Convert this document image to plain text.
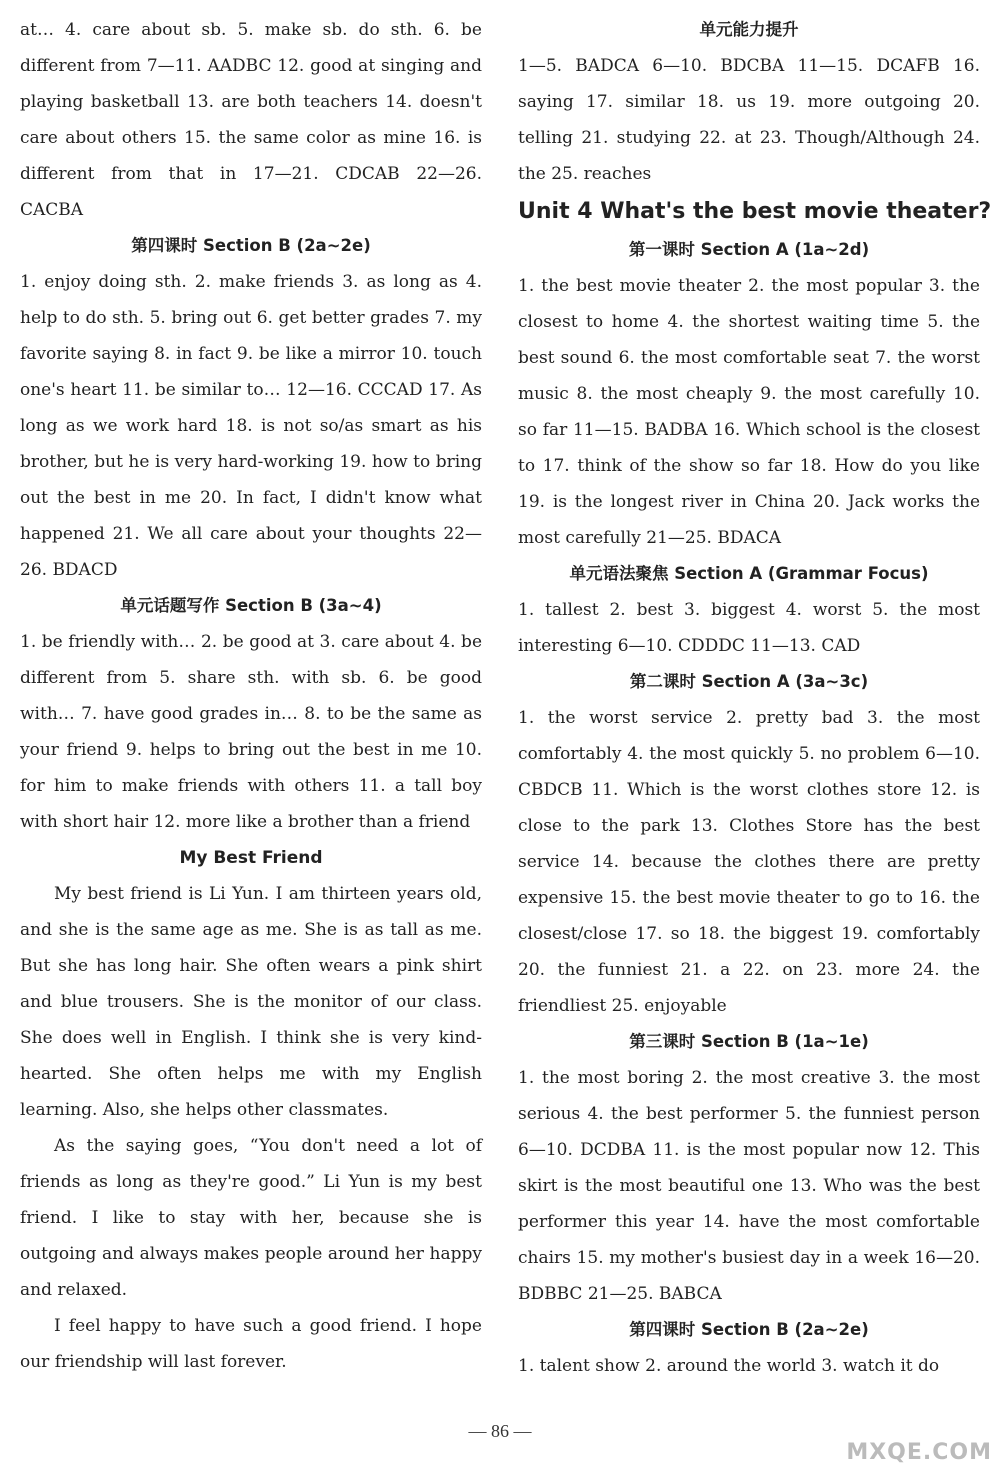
at… 4. care about sb. 5. make sb. do sth. 6. be different from 7—11. AADBC 12. good at singing and playing basketball 13. are both teachers 14. doesn't care about others 15. the same color as mine 16. is different from that in 17—21. CDCAB 22—26. CACBA

第四课时 Section B (2a∼2e)

1. enjoy doing sth. 2. make friends 3. as long as 4. help to do sth. 5. bring out 6. get better grades 7. my favorite saying 8. in fact 9. be like a mirror 10. touch one's heart 11. be similar to… 12—16. CCCAD 17. As long as we work hard 18. is not so/as smart as his brother, but he is very hard-working 19. how to bring out the best in me 20. In fact, I didn't know what happened 21. We all care about your thoughts 22—26. BDACD

单元话题写作 Section B (3a∼4)

1. be friendly with… 2. be good at 3. care about 4. be different from 5. share sth. with sb. 6. be good with… 7. have good grades in… 8. to be the same as your friend 9. helps to bring out the best in me 10. for him to make friends with others 11. a tall boy with short hair 12. more like a brother than a friend

My Best Friend

My best friend is Li Yun. I am thirteen years old, and she is the same age as me. She is as tall as me. But she has long hair. She often wears a pink shirt and blue trousers. She is the monitor of our class. She does well in English. I think she is very kind-hearted. She often helps me with my English learning. Also, she helps other classmates.

As the saying goes, “You don't need a lot of friends as long as they're good.” Li Yun is my best friend. I like to stay with her, because she is outgoing and always makes people around her happy and relaxed.

I feel happy to have such a good friend. I hope our friendship will last forever.

单元能力提升

1—5. BADCA 6—10. BDCBA 11—15. DCAFB 16. saying 17. similar 18. us 19. more outgoing 20. telling 21. studying 22. at 23. Though/Although 24. the 25. reaches

Unit 4 What's the best movie theater?
第一课时 Section A (1a∼2d)

1. the best movie theater 2. the most popular 3. the closest to home 4. the shortest waiting time 5. the best sound 6. the most comfortable seat 7. the worst music 8. the most cheaply 9. the most carefully 10. so far 11—15. BADBA 16. Which school is the closest to 17. think of the show so far 18. How do you like 19. is the longest river in China 20. Jack works the most carefully 21—25. BDACA

单元语法聚焦 Section A (Grammar Focus)

1. tallest 2. best 3. biggest 4. worst 5. the most interesting 6—10. CDDDC 11—13. CAD

第二课时 Section A (3a∼3c)

1. the worst service 2. pretty bad 3. the most comfortably 4. the most quickly 5. no problem 6—10. CBDCB 11. Which is the worst clothes store 12. is close to the park 13. Clothes Store has the best service 14. because the clothes there are pretty expensive 15. the best movie theater to go to 16. the closest/close 17. so 18. the biggest 19. comfortably 20. the funniest 21. a 22. on 23. more 24. the friendliest 25. enjoyable

第三课时 Section B (1a∼1e)

1. the most boring 2. the most creative 3. the most serious 4. the best performer 5. the funniest person 6—10. DCDBA 11. is the most popular now 12. This skirt is the most beautiful one 13. Who was the best performer this year 14. have the most comfortable chairs 15. my mother's busiest day in a week 16—20. BDBBC 21—25. BABCA

第四课时 Section B (2a∼2e)

1. talent show 2. around the world 3. watch it do

— 86 —
MXQE.COM
